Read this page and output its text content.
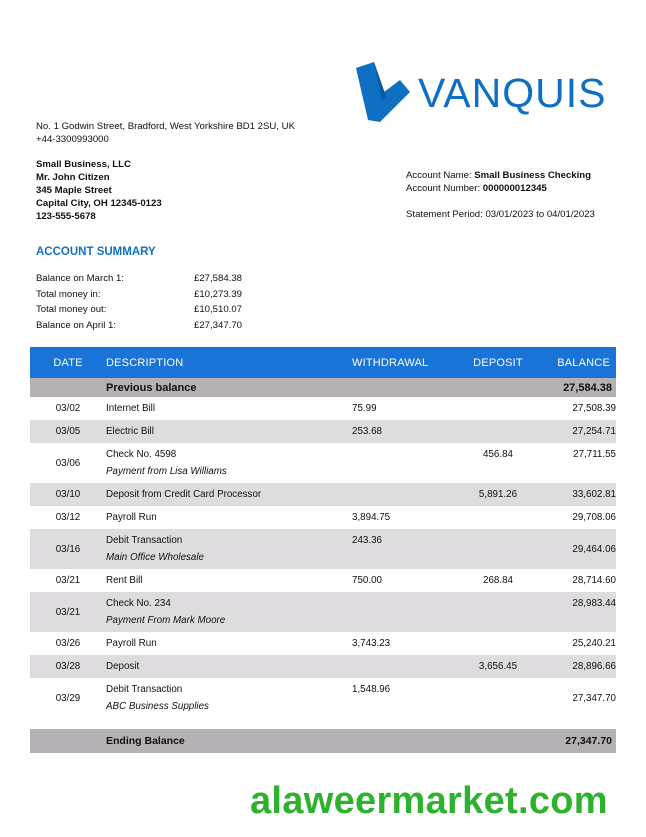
VANQUIS
No. 1 Godwin Street, Bradford, West Yorkshire BD1 2SU, UK
+44-3300993000
Small Business, LLC
Mr. John Citizen
345 Maple Street
Capital City, OH 12345-0123
123-555-5678
Account Name: Small Business Checking
Account Number: 000000012345
Statement Period: 03/01/2023 to 04/01/2023
ACCOUNT SUMMARY
Balance on March 1:	£27,584.38
Total money in:	£10,273.39
Total money out:	£10,510.07
Balance on April 1:	£27,347.70
DATE	DESCRIPTION	WITHDRAWAL	DEPOSIT	BALANCE
	Previous balance			27,584.38
03/02	Internet Bill	75.99		27,508.39
03/05	Electric Bill	253.68		27,254.71
03/06	Check No. 4598
Payment from Lisa Williams		456.84	27,711.55
03/10	Deposit from Credit Card Processor		5,891.26	33,602.81
03/12	Payroll Run	3,894.75		29,708.06
03/16	Debit Transaction
Main Office Wholesale	243.36		29,464.06
03/21	Rent Bill	750.00	268.84	28,714.60
03/21	Check No. 234
Payment From Mark Moore			28,983.44
03/26	Payroll Run	3,743.23		25,240.21
03/28	Deposit		3,656.45	28,896.66
03/29	Debit Transaction
ABC Business Supplies	1,548.96		27,347.70

	Ending Balance			27,347.70
alaweermarket.com
